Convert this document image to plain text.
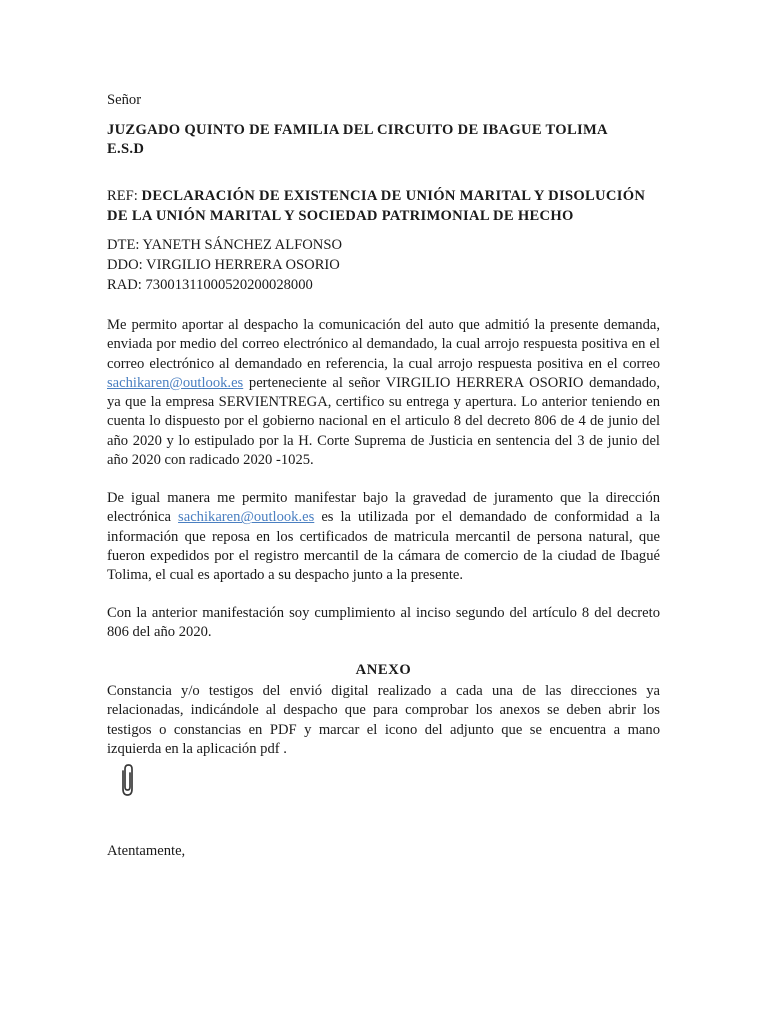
Señor
JUZGADO QUINTO DE FAMILIA DEL CIRCUITO DE IBAGUE TOLIMA
E.S.D
REF: DECLARACIÓN DE EXISTENCIA DE UNIÓN MARITAL Y DISOLUCIÓN
DE LA UNIÓN MARITAL Y SOCIEDAD PATRIMONIAL DE HECHO
DTE: YANETH SÁNCHEZ ALFONSO
DDO: VIRGILIO HERRERA OSORIO
RAD: 73001311000520200028000
Me permito aportar al despacho la comunicación del auto que admitió la presente demanda, enviada por medio del correo electrónico al demandado, la cual arrojo respuesta positiva en el correo electrónico al demandado en referencia, la cual arrojo respuesta positiva en el correo sachikaren@outlook.es perteneciente al señor VIRGILIO HERRERA OSORIO demandado, ya que la empresa SERVIENTREGA, certifico su entrega y apertura. Lo anterior teniendo en cuenta lo dispuesto por el gobierno nacional en el articulo 8 del decreto 806 de 4 de junio del año 2020 y lo estipulado por la H. Corte Suprema de Justicia en sentencia del 3 de junio del año 2020 con radicado 2020 -1025.
De igual manera me permito manifestar bajo la gravedad de juramento que la dirección electrónica sachikaren@outlook.es es la utilizada por el demandado de conformidad a la información que reposa en los certificados de matricula mercantil de persona natural, que fueron expedidos por el registro mercantil de la cámara de comercio de la ciudad de Ibagué Tolima, el cual es aportado a su despacho junto a la presente.
Con la anterior manifestación soy cumplimiento al inciso segundo del artículo 8 del decreto 806 del año 2020.
ANEXO
Constancia y/o testigos del envió digital realizado a cada una de las direcciones ya relacionadas, indicándole al despacho que para comprobar los anexos se deben abrir los testigos o constancias en PDF y marcar el icono del adjunto que se encuentra a mano izquierda en la aplicación pdf .
Atentamente,
